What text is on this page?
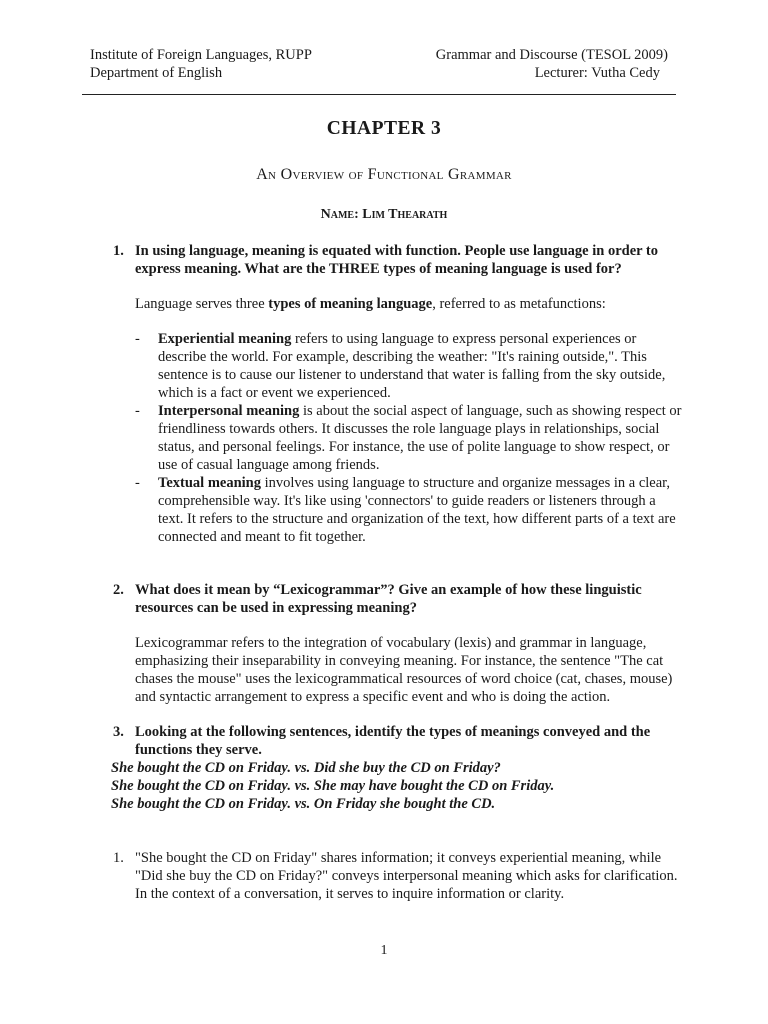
Institute of Foreign Languages, RUPP
Department of English
Grammar and Discourse (TESOL 2009)
Lecturer: Vutha Cedy
CHAPTER 3
An Overview of Functional Grammar
Name: Lim Thearath
1. In using language, meaning is equated with function. People use language in order to express meaning. What are the THREE types of meaning language is used for?
Language serves three types of meaning language, referred to as metafunctions:
-	Experiential meaning refers to using language to express personal experiences or describe the world. For example, describing the weather: "It's raining outside,". This sentence is to cause our listener to understand that water is falling from the sky outside, which is a fact or event we experienced.
-	Interpersonal meaning is about the social aspect of language, such as showing respect or friendliness towards others. It discusses the role language plays in relationships, social status, and personal feelings. For instance, the use of polite language to show respect, or use of casual language among friends.
-	Textual meaning involves using language to structure and organize messages in a clear, comprehensible way. It's like using 'connectors' to guide readers or listeners through a text. It refers to the structure and organization of the text, how different parts of a text are connected and meant to fit together.
2. What does it mean by “Lexicogrammar”? Give an example of how these linguistic resources can be used in expressing meaning?
Lexicogrammar refers to the integration of vocabulary (lexis) and grammar in language, emphasizing their inseparability in conveying meaning. For instance, the sentence "The cat chases the mouse" uses the lexicogrammatical resources of word choice (cat, chases, mouse) and syntactic arrangement to express a specific event and who is doing the action.
3. Looking at the following sentences, identify the types of meanings conveyed and the functions they serve.
She bought the CD on Friday. vs. Did she buy the CD on Friday?
She bought the CD on Friday. vs. She may have bought the CD on Friday.
She bought the CD on Friday. vs. On Friday she bought the CD.
1. "She bought the CD on Friday" shares information; it conveys experiential meaning, while "Did she buy the CD on Friday?" conveys interpersonal meaning which asks for clarification. In the context of a conversation, it serves to inquire information or clarity.
1
